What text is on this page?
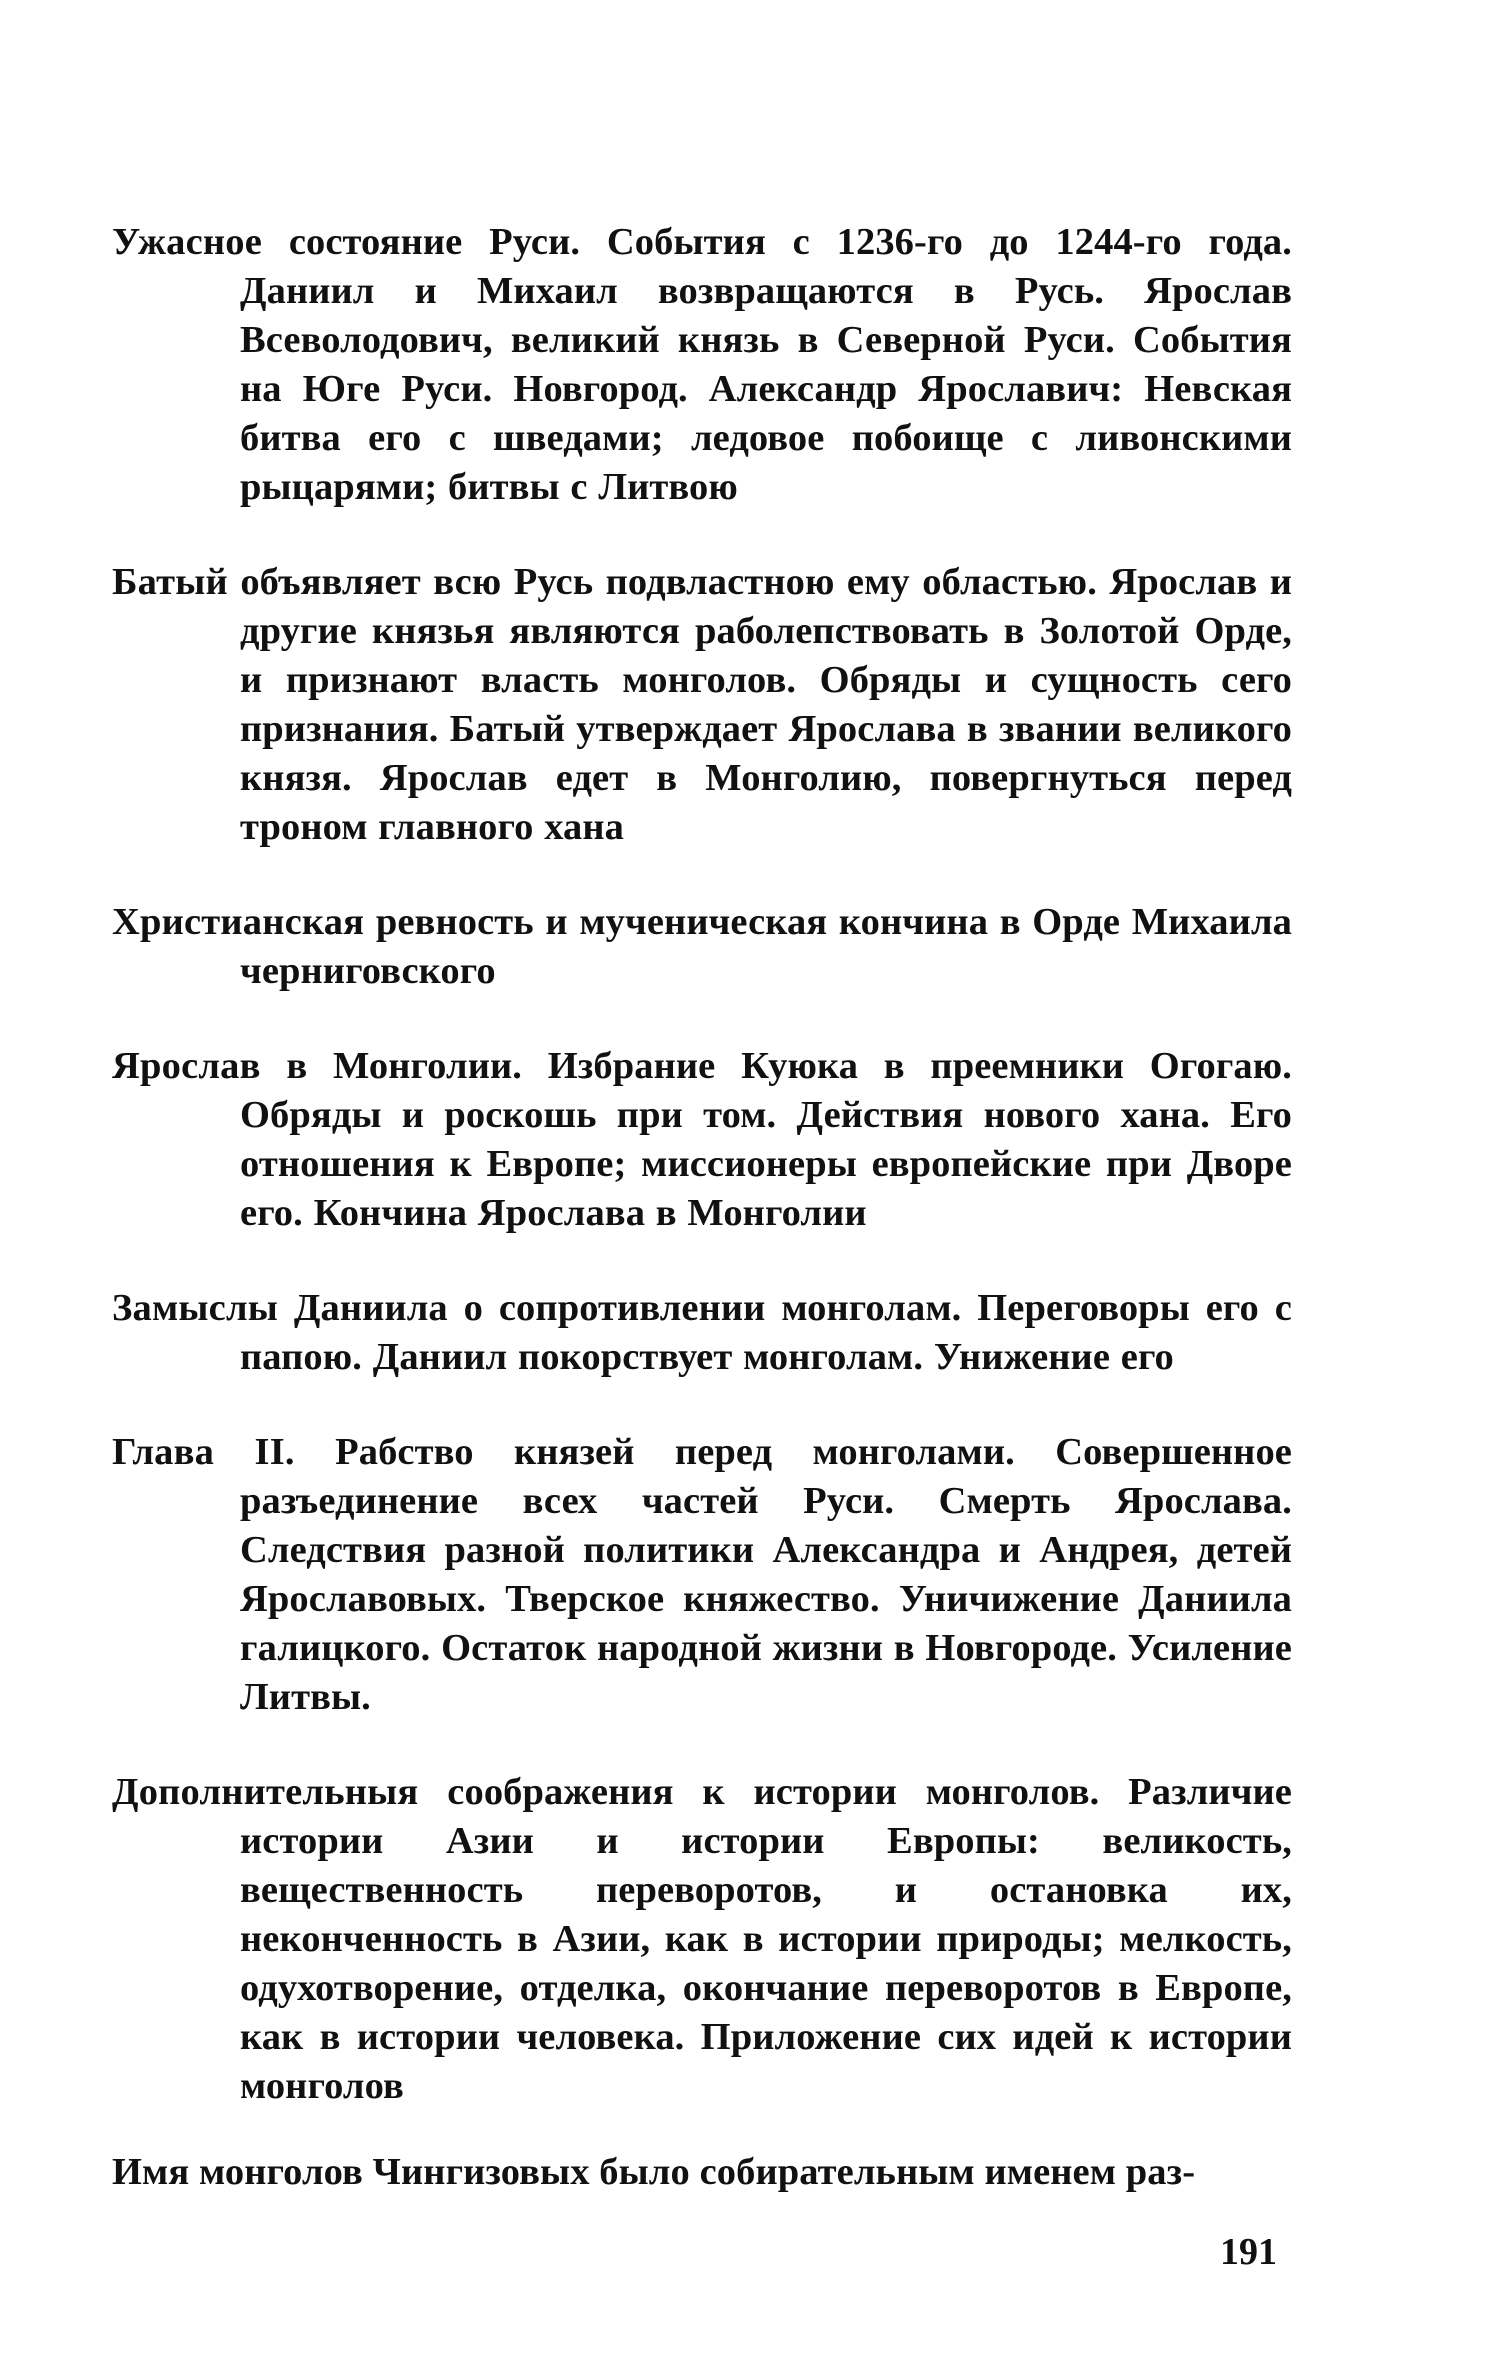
Ужасное состояние Руси. События с 1236-го до 1244-го года. Даниил и Михаил возвращаются в Русь. Ярослав Всеволодович, великий князь в Северной Руси. События на Юге Руси. Новгород. Александр Ярославич: Невская битва его с шведами; ледовое побоище с ливонскими рыцарями; битвы с Литвою

Батый объявляет всю Русь подвластною ему областью. Ярослав и другие князья являются раболепствовать в Золотой Орде, и признают власть монголов. Обряды и сущность сего признания. Батый утверждает Ярослава в звании великого князя. Ярослав едет в Монголию, повергнуться перед троном главного хана

Христианская ревность и мученическая кончина в Орде Михаила черниговского

Ярослав в Монголии. Избрание Куюка в преемники Огогаю. Обряды и роскошь при том. Действия нового хана. Его отношения к Европе; миссионеры европейские при Дворе его. Кончина Ярослава в Монголии

Замыслы Даниила о сопротивлении монголам. Переговоры его с папою. Даниил покорствует монголам. Унижение его

Глава II. Рабство князей перед монголами. Совершенное разъединение всех частей Руси. Смерть Ярослава. Следствия разной политики Александра и Андрея, детей Ярославовых. Тверское княжество. Уничижение Даниила галицкого. Остаток народной жизни в Новгороде. Усиление Литвы.

Дополнительныя соображения к истории монголов. Различие истории Азии и истории Европы: великость, вещественность переворотов, и остановка их, неконченность в Азии, как в истории природы; мелкость, одухотворение, отделка, окончание переворотов в Европе, как в истории человека. Приложение сих идей к истории монголов

Имя монголов Чингизовых было собирательным именем раз-
191
